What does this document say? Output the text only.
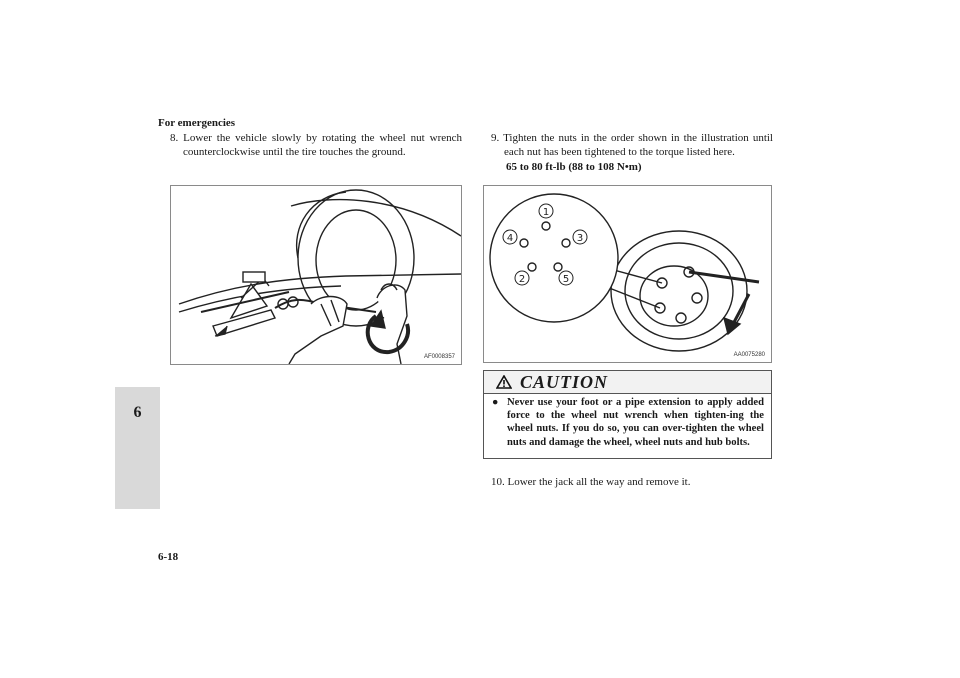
For emergencies
8. Lower the vehicle slowly by rotating the wheel nut wrench counterclockwise until the tire touches the ground.
9. Tighten the nuts in the order shown in the illustration until each nut has been tightened to the torque listed here.
65 to 80 ft-lb (88 to 108 N•m)
AF0008357
1
4	3
2	5
AA0075280
CAUTION
● Never use your foot or a pipe extension to apply added force to the wheel nut wrench when tighten-ing the wheel nuts. If you do so, you can over-tighten the wheel nuts and damage the wheel, wheel nuts and hub bolts.
10. Lower the jack all the way and remove it.
6
6-18
